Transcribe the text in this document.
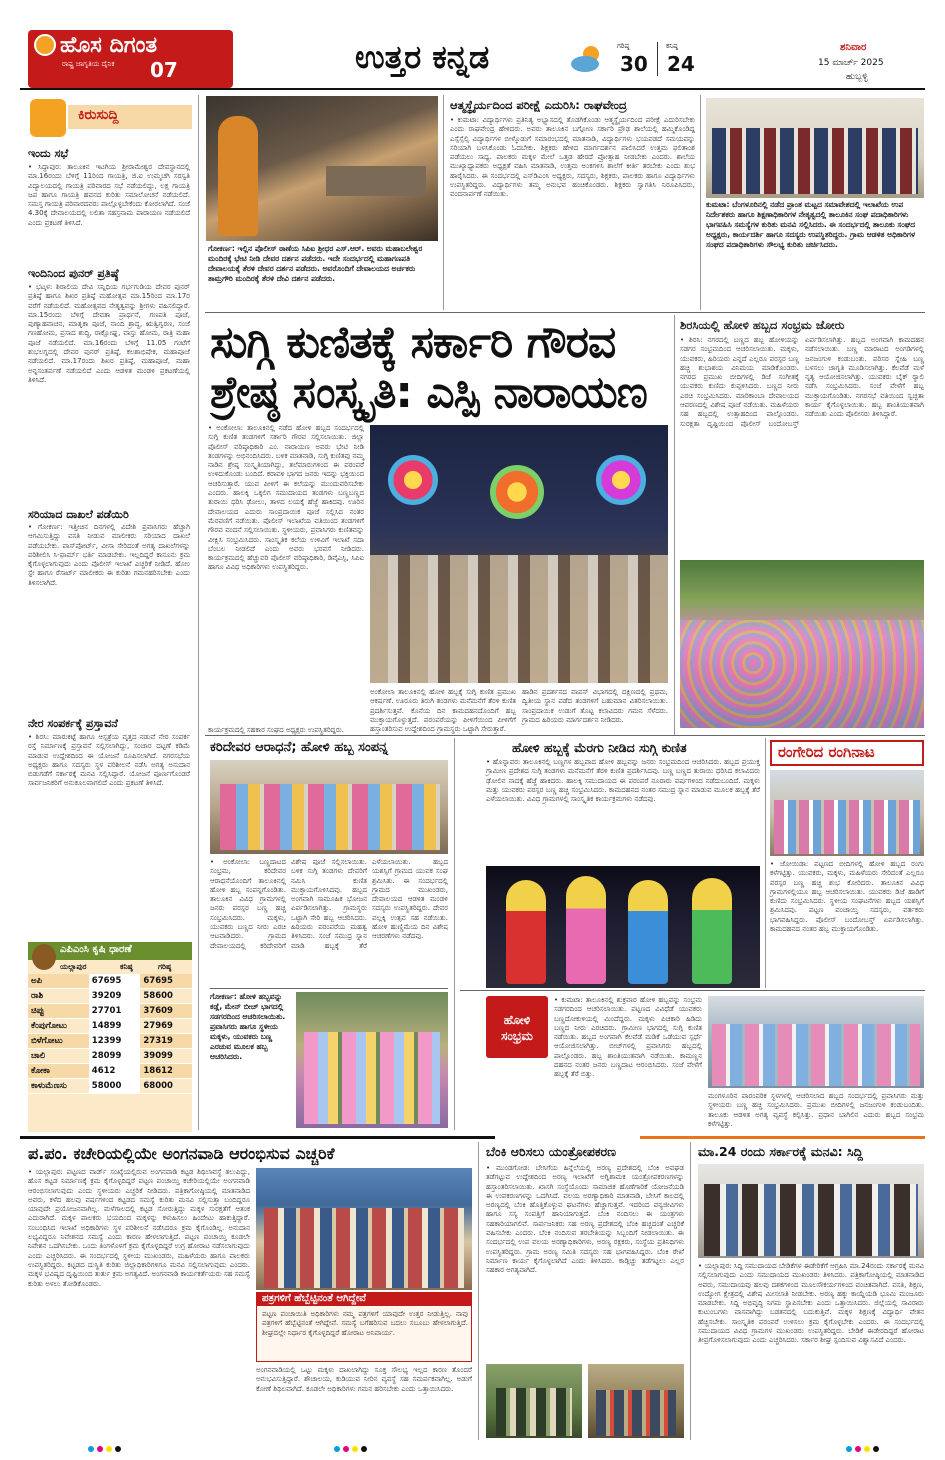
ಹೊಸ ದಿಗಂತ
ರಾಷ್ಟ್ರ ಜಾಗೃತಿಯ ದೈನಿಕ 07	ಉತ್ತರ ಕನ್ನಡ	ಗರಿಷ್ಠ
30
ಕನಿಷ್ಠ
24
ಶನಿವಾರ
15 ಮಾರ್ಚ್ 2025
ಹುಬ್ಬಳ್ಳಿ
ಕಿರುಸುದ್ದಿ
ಇಂದು ಸಭೆ
• ಸಿದ್ದಾಪುರ: ತಾಲೂಕಿನ ಇಟಗಿಯ ಶ್ರೀರಾಮೇಶ್ವರ ದೇವಸ್ಥಾನದಲ್ಲಿ ಮಾ.16ರಂದು ಬೆಳಿಗ್ಗೆ 11ರಿಂದ ಗಾಯತ್ರಿ, ಜಿ.ಐ ಉಮ್ಮಚಗಿ ಸರಸ್ವತಿ ವಿದ್ಯಾಲಯದಲ್ಲಿ ಗಾಯತ್ರಿ ಪರಿವಾರದ ಸಭೆ ನಡೆಯಲಿದ್ದು, ಲಕ್ಷ ಗಾಯತ್ರಿ ಜಪ ಹಾಗೂ ಗಾಯತ್ರಿ ಹವನದ ಕುರಿತು ಸಮಾಲೋಚನೆ ನಡೆಯಲಿದೆ. ಸಮಸ್ತ ಗಾಯತ್ರಿ ಪರಿವಾರದವರು ಪಾಲ್ಗೊಳ್ಳಬೇಕೆಂದು ಕೋರಲಾಗಿದೆ. ಸಂಜೆ 4.30ಕ್ಕೆ ದೇವಾಲಯದಲ್ಲಿ ಲಲಿತಾ ಸಹಸ್ರನಾಮ ಪಾರಾಯಣ ನಡೆಯಲಿದೆ ಎಂದು ಪ್ರಕಟಣೆ ತಿಳಿಸಿದೆ.
ಇಂದಿನಿಂದ ಪುನರ್ ಪ್ರತಿಷ್ಠೆ
• ಭಟ್ಕಳ: ಶಿರಾಲಿಯ ದೇವಿ ಸನ್ನಿಧಿಯ ಗರ್ಭಗುಡಿಯ ದೇವರ ಪುನರ್ ಪ್ರತಿಷ್ಠೆ ಹಾಗೂ ಶಿಖರ ಪ್ರತಿಷ್ಠೆ ಮಹೋತ್ಸವ ಮಾ.15ರಿಂದ ಮಾ.17ರ ವರೆಗೆ ನಡೆಯಲಿದೆ. ಮಹೋತ್ಸವದ ನೇತೃತ್ವವನ್ನು ಶ್ರೀಗಳು ವಹಿಸಲಿದ್ದಾರೆ. ಮಾ.15ರಂದು ಬೆಳಿಗ್ಗೆ ದೇವತಾ ಪ್ರಾರ್ಥನೆ, ಗಣಪತಿ ಪೂಜೆ, ಪುಣ್ಯಾಹವಾಚನ, ಮಾತೃಕಾ ಪೂಜೆ, ನಾಂದಿ ಶ್ರಾದ್ಧ, ಋತ್ವಿಗ್ವರಣ, ಸಂಜೆ ಗಣಹೋಮ, ಪ್ರಸಾದ ಶುದ್ಧಿ, ರಾಕ್ಷೋಘ್ನ, ವಾಸ್ತು ಹೋಮ, ರಾತ್ರಿ ಮಹಾ ಪೂಜೆ ನಡೆಯಲಿದೆ. ಮಾ.16ರಂದು ಬೆಳಿಗ್ಗೆ 11.05 ಗಂಟೆಗೆ ಶುಭಲಗ್ನದಲ್ಲಿ ದೇವರ ಪುನರ್ ಪ್ರತಿಷ್ಠೆ, ಕಲಶಾಭಿಷೇಕ, ಮಹಾಪೂಜೆ ನಡೆಯಲಿದೆ. ಮಾ.17ರಂದು ಶಿಖರ ಪ್ರತಿಷ್ಠೆ, ಮಹಾಪೂಜೆ, ಮಹಾ ಅನ್ನಸಂತರ್ಪಣೆ ನಡೆಯಲಿದೆ ಎಂದು ಆಡಳಿತ ಮಂಡಳಿ ಪ್ರಕಟಣೆಯಲ್ಲಿ ತಿಳಿಸಿದೆ.
ಸರಿಯಾದ ದಾಖಲೆ ಪಡೆಯಿರಿ
• ಗೋಕರ್ಣ: ಇತ್ತೀಚಿನ ದಿನಗಳಲ್ಲಿ ವಿದೇಶಿ ಪ್ರವಾಸಿಗರು ಹೆಚ್ಚಾಗಿ ಆಗಮಿಸುತ್ತಿದ್ದು ವಸತಿ ನೀಡುವ ಮಾಲೀಕರು ಸರಿಯಾದ ದಾಖಲೆ ಪಡೆಯಬೇಕು. ಪಾಸ್‌ಪೋರ್ಟ್, ವೀಸಾ ಸೇರಿದಂತೆ ಅಗತ್ಯ ದಾಖಲೆಗಳನ್ನು ಪರಿಶೀಲಿಸಿ ಸಿ-ಫಾರ್ಮ್ ಭರ್ತಿ ಮಾಡಬೇಕು. ಇಲ್ಲದಿದ್ದರೆ ಕಾನೂನು ಕ್ರಮ ಕೈಗೊಳ್ಳಲಾಗುವುದು ಎಂದು ಪೊಲೀಸ್ ಇಲಾಖೆ ಎಚ್ಚರಿಕೆ ನೀಡಿದೆ. ಹೋಂ ಸ್ಟೇ ಹಾಗೂ ರೆಸಾರ್ಟ್ ಮಾಲೀಕರು ಈ ಕುರಿತು ಗಮನಹರಿಸಬೇಕು ಎಂದು ತಿಳಿಸಲಾಗಿದೆ.
ನೇರ ಸಂಪರ್ಕಕ್ಕೆ ಪ್ರಸ್ತಾವನೆ
• ಶಿರಸಿ: ಮಾರುಕಟ್ಟೆ ಹಾಗೂ ಆಸ್ಪತ್ರೆಯ ವೃತ್ತದ ನಡುವೆ ನೇರ ಸಂಪರ್ಕ ರಸ್ತೆ ನಿರ್ಮಾಣಕ್ಕೆ ಪ್ರಸ್ತಾವನೆ ಸಲ್ಲಿಸಲಾಗಿದ್ದು, ಸಂಚಾರ ದಟ್ಟಣೆ ಕಡಿಮೆ ಮಾಡುವ ಉದ್ದೇಶದಿಂದ ಈ ಯೋಜನೆ ರೂಪಿಸಲಾಗಿದೆ. ನಗರಸಭೆಯ ಅಧ್ಯಕ್ಷರು ಹಾಗೂ ಸದಸ್ಯರು ಸ್ಥಳ ಪರಿಶೀಲನೆ ನಡೆಸಿ ಅಗತ್ಯ ಅನುದಾನ ಬಿಡುಗಡೆಗೆ ಸರ್ಕಾರಕ್ಕೆ ಮನವಿ ಸಲ್ಲಿಸಿದ್ದಾರೆ. ಯೋಜನೆ ಪೂರ್ಣಗೊಂಡರೆ ಸಾರ್ವಜನಿಕರಿಗೆ ಅನುಕೂಲವಾಗಲಿದೆ ಎಂದು ಪ್ರಕಟಣೆ ತಿಳಿಸಿದೆ.
ಎಪಿಎಂಸಿ ಕೃಷಿ ಧಾರಣೆ
ಯಲ್ಲಾಪುರ	ಕನಿಷ್ಠ	ಗರಿಷ್ಠ
ಅಪಿ	67695	67695
ರಾಶಿ	39209	58600
ಚಿಪ್ಪು	27701	37609
ಕೆಂಪುಗೋಟು	14899	27969
ಬಿಳೆಗೋಟು	12399	27319
ಚಾಲಿ	28099	39099
ಕೋಕಾ	4612	18612
ಕಾಳುಮೆಣಸು	58000	68000
ಗೋಕರ್ಣ: ಇಲ್ಲಿನ ಪೊಲೀಸ್ ಠಾಣೆಯ ಸಿಪಿಐ ಶ್ರೀಧರ ಎಸ್.ಆರ್. ಅವರು ಮಹಾಬಲೇಶ್ವರ ಮಂದಿರಕ್ಕೆ ಭೇಟಿ ನೀಡಿ ದೇವರ ದರ್ಶನ ಪಡೆದರು. ಇದೇ ಸಂದರ್ಭದಲ್ಲಿ ಮಹಾಗಣಪತಿ ದೇವಾಲಯಕ್ಕೆ ತೆರಳಿ ದೇವರ ದರ್ಶನ ಪಡೆದರು. ಅವರೊಂದಿಗೆ ದೇವಾಲಯದ ಅರ್ಚಕರು ತಾಮ್ರಗೌರಿ ಮಂದಿರಕ್ಕೆ ತೆರಳಿ ದೇವಿ ದರ್ಶನ ಪಡೆದರು.
ಆತ್ಮಸ್ಥೈರ್ಯದಿಂದ ಪರೀಕ್ಷೆ ಎದುರಿಸಿ: ರಾಘವೇಂದ್ರ
• ಕುಮಟಾ: ವಿದ್ಯಾರ್ಥಿಗಳು ಪ್ರತಿನಿತ್ಯ ಅಭ್ಯಾಸದಲ್ಲಿ ತೊಡಗಿಕೊಂಡು ಆತ್ಮಸ್ಥೈರ್ಯದಿಂದ ಪರೀಕ್ಷೆ ಎದುರಿಸಬೇಕು ಎಂದು ರಾಘವೇಂದ್ರ ಹೇಳಿದರು. ಅವರು ತಾಲೂಕಿನ ಬಗ್ಗೋಣ ಸರ್ಕಾರಿ ಪ್ರೌಢ ಶಾಲೆಯಲ್ಲಿ ಹಮ್ಮಿಕೊಂಡಿದ್ದ ಎಸ್ಸೆಸ್ಸೆಲ್ಸಿ ವಿದ್ಯಾರ್ಥಿಗಳ ಬೀಳ್ಕೊಡುಗೆ ಸಮಾರಂಭದಲ್ಲಿ ಮಾತನಾಡಿ, ವಿದ್ಯಾರ್ಥಿಗಳು ಭಯಪಡದೆ ಸಮಯವನ್ನು ಸರಿಯಾಗಿ ಬಳಸಿಕೊಂಡು ಓದಬೇಕು. ಶಿಕ್ಷಕರು ಹೇಳಿದ ಮಾರ್ಗದರ್ಶನ ಪಾಲಿಸಿದರೆ ಉತ್ತಮ ಫಲಿತಾಂಶ ಪಡೆಯಲು ಸಾಧ್ಯ. ಪಾಲಕರು ಮಕ್ಕಳ ಮೇಲೆ ಒತ್ತಡ ಹೇರದೆ ಪ್ರೋತ್ಸಾಹ ನೀಡಬೇಕು ಎಂದರು. ಶಾಲೆಯ ಮುಖ್ಯಾಧ್ಯಾಪಕರು ಅಧ್ಯಕ್ಷತೆ ವಹಿಸಿ ಮಾತನಾಡಿ, ಉತ್ತಮ ಅಂಕಗಳಿಸಿ ಶಾಲೆಗೆ ಕೀರ್ತಿ ತರಬೇಕು ಎಂದು ಶುಭ ಹಾರೈಸಿದರು. ಈ ಸಂದರ್ಭದಲ್ಲಿ ಎಸ್‌ಡಿಎಂಸಿ ಅಧ್ಯಕ್ಷರು, ಸದಸ್ಯರು, ಶಿಕ್ಷಕರು, ಪಾಲಕರು ಹಾಗೂ ವಿದ್ಯಾರ್ಥಿಗಳು ಉಪಸ್ಥಿತರಿದ್ದರು. ವಿದ್ಯಾರ್ಥಿಗಳು ತಮ್ಮ ಅನುಭವ ಹಂಚಿಕೊಂಡರು. ಶಿಕ್ಷಕರು ಸ್ವಾಗತಿಸಿ ನಿರೂಪಿಸಿದರು, ವಂದನಾರ್ಪಣೆ ನಡೆಯಿತು.
ಕುಮಟಾ: ಬೆಂಗಳೂರಿನಲ್ಲಿ ನಡೆದ ಪ್ರಾಂತ ಮಟ್ಟದ ಸಮಾವೇಶದಲ್ಲಿ ಇಲಾಖೆಯ ಉಪ ನಿರ್ದೇಶಕರು ಹಾಗೂ ಶಿಕ್ಷಣಾಧಿಕಾರಿಗಳ ನೇತೃತ್ವದಲ್ಲಿ ತಾಲೂಕಿನ ಸಂಘ ಪದಾಧಿಕಾರಿಗಳು ಭಾಗವಹಿಸಿ ಸಮಸ್ಯೆಗಳ ಕುರಿತು ಮನವಿ ಸಲ್ಲಿಸಿದರು. ಈ ಸಂದರ್ಭದಲ್ಲಿ ತಾಲೂಕು ಸಂಘದ ಅಧ್ಯಕ್ಷರು, ಕಾರ್ಯದರ್ಶಿ ಹಾಗೂ ಸದಸ್ಯರು ಉಪಸ್ಥಿತರಿದ್ದರು. ಗ್ರಾಮ ಆಡಳಿತ ಅಧಿಕಾರಿಗಳ ಸಂಘದ ಪದಾಧಿಕಾರಿಗಳು ಸೌಲಭ್ಯ ಕುರಿತು ಚರ್ಚಿಸಿದರು.
ಸುಗ್ಗಿ ಕುಣಿತಕ್ಕೆ ಸರ್ಕಾರಿ ಗೌರವ
ಶ್ರೇಷ್ಠ ಸಂಸ್ಕೃತಿ: ಎಸ್ಪಿ ನಾರಾಯಣ
• ಅಂಕೋಲಾ: ತಾಲೂಕಿನಲ್ಲಿ ನಡೆದ ಹೋಳಿ ಹಬ್ಬದ ಸಂದರ್ಭದಲ್ಲಿ ಸುಗ್ಗಿ ಕುಣಿತ ತಂಡಗಳಿಗೆ ಸರ್ಕಾರಿ ಗೌರವ ಸಲ್ಲಿಸಲಾಯಿತು. ಜಿಲ್ಲಾ ಪೊಲೀಸ್ ವರಿಷ್ಠಾಧಿಕಾರಿ ಎಂ. ನಾರಾಯಣ ಅವರು ಭೇಟಿ ನೀಡಿ ತಂಡಗಳನ್ನು ಅಭಿನಂದಿಸಿದರು. ಬಳಿಕ ಮಾತನಾಡಿ, ಸುಗ್ಗಿ ಕುಣಿತವು ನಮ್ಮ ನಾಡಿನ ಶ್ರೇಷ್ಠ ಸಂಸ್ಕೃತಿಯಾಗಿದ್ದು, ತಲೆಮಾರುಗಳಿಂದ ಈ ಪರಂಪರೆ ಉಳಿದುಕೊಂಡು ಬಂದಿದೆ. ಕರಾವಳಿ ಭಾಗದ ಜನರು ಇದನ್ನು ಭಕ್ತಿಯಿಂದ ಆಚರಿಸುತ್ತಾರೆ. ಯುವ ಪೀಳಿಗೆ ಈ ಕಲೆಯನ್ನು ಮುಂದುವರಿಸಬೇಕು ಎಂದರು. ಹಾಲಕ್ಕಿ ಒಕ್ಕಲಿಗ ಸಮುದಾಯದ ತಂಡಗಳು ಬಣ್ಣಬಣ್ಣದ ತುರಾಯಿ ಧರಿಸಿ ಢೋಲು, ತಾಳದ ಲಯಕ್ಕೆ ಹೆಜ್ಜೆ ಹಾಕಿದವು. ಊರಿನ ದೇವಾಲಯದ ಎದುರು ಸಾಂಪ್ರದಾಯಿಕ ಪೂಜೆ ಸಲ್ಲಿಸಿದ ನಂತರ ಮೆರವಣಿಗೆ ನಡೆಯಿತು. ಪೊಲೀಸ್ ಇಲಾಖೆಯ ವತಿಯಿಂದ ತಂಡಗಳಿಗೆ ಗೌರವ ವಂದನೆ ಸಲ್ಲಿಸಲಾಯಿತು. ಸ್ಥಳೀಯರು, ಪ್ರವಾಸಿಗರು ಕುಣಿತವನ್ನು ವೀಕ್ಷಿಸಿ ಸಂಭ್ರಮಿಸಿದರು. ಸಾಂಸ್ಕೃತಿಕ ಕಲೆಯ ಉಳಿವಿಗೆ ಇಲಾಖೆ ಸದಾ ಬೆಂಬಲ ನೀಡಲಿದೆ ಎಂದು ಅವರು ಭರವಸೆ ನೀಡಿದರು. ಕಾರ್ಯಕ್ರಮದಲ್ಲಿ ಹೆಚ್ಚುವರಿ ಪೊಲೀಸ್ ವರಿಷ್ಠಾಧಿಕಾರಿ, ಡಿವೈಎಸ್ಪಿ, ಸಿಪಿಐ ಹಾಗೂ ವಿವಿಧ ಅಧಿಕಾರಿಗಳು ಉಪಸ್ಥಿತರಿದ್ದರು.
ಅಂಕೋಲಾ ತಾಲೂಕಿನಲ್ಲಿ ಹೋಳಿ ಹಬ್ಬಕ್ಕೆ ಸುಗ್ಗಿ ಕುಣಿತ ಪ್ರಮುಖ ಆಕರ್ಷಣೆ. ಊರೂರು ತಿರುಗಿ ತಂಡಗಳು ಮನೆಮನೆಗೆ ತೆರಳಿ ಕುಣಿತ ಪ್ರದರ್ಶಿಸುತ್ತವೆ. ಕೊನೆಯ ದಿನ ಕಾಮದಹನದೊಂದಿಗೆ ಹಬ್ಬ ಮುಕ್ತಾಯಗೊಳ್ಳುತ್ತದೆ. ಪರಂಪರೆಯನ್ನು ಪೀಳಿಗೆಯಿಂದ ಪೀಳಿಗೆಗೆ ಹಸ್ತಾಂತರಿಸುವ ಉದ್ದೇಶದಿಂದ ಗ್ರಾಮಸ್ಥರು ಒಟ್ಟಾಗಿ ಸೇರುತ್ತಾರೆ.
ಹಾಡಿನ ಪ್ರದರ್ಶನದ ವಾಪಸ್ ವಿಭಾಗದಲ್ಲಿ ದಕ್ಷಿಣದಲ್ಲಿ ಪ್ರಥಮ, ದ್ವಿತೀಯ ಸ್ಥಾನ ಪಡೆದ ತಂಡಗಳಿಗೆ ಬಹುಮಾನ ವಿತರಿಸಲಾಯಿತು. ಸಾಂಪ್ರದಾಯಿಕ ಉಡುಗೆ ತೊಟ್ಟ ಕಲಾವಿದರು ಗಮನ ಸೆಳೆದರು. ಗ್ರಾಮದ ಹಿರಿಯರು ಮಾರ್ಗದರ್ಶನ ನೀಡಿದರು.
ಕಾರ್ಯಕ್ರಮದಲ್ಲಿ ಸಹಕಾರ ಸಂಘದ ಅಧ್ಯಕ್ಷರು ಉಪಸ್ಥಿತರಿದ್ದರು.
ಶಿರಸಿಯಲ್ಲಿ ಹೋಳಿ ಹಬ್ಬದ ಸಂಭ್ರಮ ಜೋರು
• ಶಿರಸಿ: ನಗರದಲ್ಲಿ ಬಣ್ಣದ ಹಬ್ಬ ಹೋಳಿಯನ್ನು ಸಡಗರ ಸಂಭ್ರಮದಿಂದ ಆಚರಿಸಲಾಯಿತು. ಮಕ್ಕಳು, ಯುವಕರು, ಹಿರಿಯರು ಎನ್ನದೆ ಎಲ್ಲರೂ ಪರಸ್ಪರ ಬಣ್ಣ ಹಚ್ಚಿ ಶುಭಾಶಯ ವಿನಿಮಯ ಮಾಡಿಕೊಂಡರು. ನಗರದ ಪ್ರಮುಖ ಬೀದಿಗಳಲ್ಲಿ ಡಿಜೆ ಸಂಗೀತಕ್ಕೆ ಯುವಕರು ಕುಣಿದು ಕುಪ್ಪಳಿಸಿದರು. ಬಣ್ಣದ ನೀರು ಎರಚಿ ಸಂಭ್ರಮಿಸಿದರು. ಮಾರಿಕಾಂಬಾ ದೇವಾಲಯದ ಆವರಣದಲ್ಲಿ ವಿಶೇಷ ಪೂಜೆ ನಡೆಯಿತು. ಮಹಿಳೆಯರು ಸಹ ಹಬ್ಬದಲ್ಲಿ ಉತ್ಸಾಹದಿಂದ ಪಾಲ್ಗೊಂಡರು. ಸುರಕ್ಷತಾ ದೃಷ್ಟಿಯಿಂದ ಪೊಲೀಸ್ ಬಂದೋಬಸ್ತ್ ಏರ್ಪಡಿಸಲಾಗಿತ್ತು. ಹಬ್ಬದ ಅಂಗವಾಗಿ ಕಾಮದಹನ ನಡೆಸಲಾಯಿತು. ಬಣ್ಣ ಮಾರಾಟದ ಅಂಗಡಿಗಳಲ್ಲಿ ಜನಜಂಗುಳಿ ಕಂಡುಬಂತು. ಪರಿಸರ ಸ್ನೇಹಿ ಬಣ್ಣ ಬಳಸಲು ಜಾಗೃತಿ ಮೂಡಿಸಲಾಗಿತ್ತು. ಕೆಲವೆಡೆ ಮಳೆ ನೃತ್ಯ ಆಯೋಜಿಸಲಾಗಿತ್ತು. ಯುವಕರು ಬೈಕ್ ರ್‍ಯಾಲಿ ನಡೆಸಿ ಸಂಭ್ರಮಿಸಿದರು. ಸಂಜೆ ವೇಳೆಗೆ ಹಬ್ಬ ಮುಕ್ತಾಯಗೊಂಡಿತು. ನಗರಸಭೆ ವತಿಯಿಂದ ಸ್ವಚ್ಛತಾ ಕಾರ್ಯ ಕೈಗೊಳ್ಳಲಾಯಿತು. ಹಬ್ಬ ಶಾಂತಿಯುತವಾಗಿ ನಡೆಯಿತು ಎಂದು ಪೊಲೀಸರು ತಿಳಿಸಿದ್ದಾರೆ.
ಕರಿದೇವರ ಆರಾಧನೆ; ಹೋಳಿ ಹಬ್ಬ ಸಂಪನ್ನ
• ಅಂಕೋಲಾ: ಬಣ್ಣದಾಟದ ಸಂಭ್ರಮ, ಕರಿದೇವರ ಆರಾಧನೆಯೊಂದಿಗೆ ತಾಲೂಕಿನಲ್ಲಿ ಹೋಳಿ ಹಬ್ಬ ಸಂಪನ್ನಗೊಂಡಿತು. ತಾಲೂಕಿನ ವಿವಿಧ ಗ್ರಾಮಗಳಲ್ಲಿ ಜನರು ಪರಸ್ಪರ ಬಣ್ಣ ಹಚ್ಚಿ ಸಂಭ್ರಮಿಸಿದರು. ಮಕ್ಕಳು, ಯುವಕರು ಬಣ್ಣದ ನೀರು ಎರಚಿ ಆಟವಾಡಿದರು. ಗ್ರಾಮದ ದೇವಾಲಯದಲ್ಲಿ ಕರಿದೇವರಿಗೆ ವಿಶೇಷ ಪೂಜೆ ಸಲ್ಲಿಸಲಾಯಿತು. ಬಳಿಕ ಸುಗ್ಗಿ ತಂಡಗಳು ದೇವರಿಗೆ ನಮಿಸಿ ಕುಣಿತ ಮುಕ್ತಾಯಗೊಳಿಸಿದವು. ಹಬ್ಬದ ಅಂಗವಾಗಿ ಸಾಮೂಹಿಕ ಭೋಜನ ಏರ್ಪಡಿಸಲಾಗಿತ್ತು. ಗ್ರಾಮಸ್ಥರು ಒಟ್ಟಾಗಿ ಸೇರಿ ಹಬ್ಬ ಆಚರಿಸಿದರು. ಹಿರಿಯರು ಪರಂಪರೆಯ ಮಹತ್ವ ತಿಳಿಸಿದರು. ಸಂಜೆ ಸಮುದ್ರ ಸ್ನಾನ ಮಾಡಿ ಹಬ್ಬಕ್ಕೆ ತೆರೆ ಎಳೆಯಲಾಯಿತು. ಹಬ್ಬದ ಯಶಸ್ಸಿಗೆ ಗ್ರಾಮದ ಯುವಕ ಸಂಘ ಶ್ರಮಿಸಿತು. ಈ ಸಂದರ್ಭದಲ್ಲಿ ಗ್ರಾಮದ ಮುಖಂಡರು, ದೇವಾಲಯದ ಆಡಳಿತ ಮಂಡಳಿ ಸದಸ್ಯರು ಉಪಸ್ಥಿತರಿದ್ದರು. ದೇವರ ಪಲ್ಲಕ್ಕಿ ಉತ್ಸವ ಸಹ ನಡೆಯಿತು. ಹೋಳಿ ಹುಣ್ಣಿಮೆಯ ದಿನ ವಿಶೇಷ ಆಚರಣೆಗಳು ನಡೆದವು.
ಗೋಕರ್ಣ: ಹೋಳಿ ಹಬ್ಬವನ್ನು ಕಡ್ಲೆ, ಮೇನ್ ಬೀಚ್ ಭಾಗದಲ್ಲಿ ಸಡಗರದಿಂದ ಆಚರಿಸಲಾಯಿತು. ಪ್ರವಾಸಿಗರು ಹಾಗೂ ಸ್ಥಳೀಯ ಮಕ್ಕಳು, ಯುವಕರು ಬಣ್ಣ ಎರಚುವ ಮೂಲಕ ಹಬ್ಬ ಆಚರಿಸಿದರು.
ಹೋಳಿ ಹಬ್ಬಕ್ಕೆ ಮೆರಗು ನೀಡಿದ ಸುಗ್ಗಿ ಕುಣಿತ
• ಹೊನ್ನಾವರ: ತಾಲೂಕಿನಲ್ಲಿ ಬಣ್ಣಗಳ ಹಬ್ಬವಾದ ಹೋಳಿ ಹಬ್ಬವನ್ನು ಜನರು ಸಂಭ್ರಮದಿಂದ ಆಚರಿಸಿದರು. ಹಬ್ಬದ ಪ್ರಯುಕ್ತ ಗ್ರಾಮೀಣ ಪ್ರದೇಶದ ಸುಗ್ಗಿ ತಂಡಗಳು ಮನೆಮನೆಗೆ ತೆರಳಿ ಕುಣಿತ ಪ್ರದರ್ಶಿಸಿದವು. ಬಣ್ಣ ಬಣ್ಣದ ತುರಾಯಿ ಧರಿಸಿದ ಕಲಾವಿದರು ಢೋಲಿನ ನಾದಕ್ಕೆ ಹೆಜ್ಜೆ ಹಾಕಿದರು. ಹಾಲಕ್ಕಿ ಸಮುದಾಯದ ಈ ಪರಂಪರೆ ನೂರಾರು ವರ್ಷಗಳಿಂದ ನಡೆದುಬಂದಿದೆ. ಮಕ್ಕಳು ಮತ್ತು ಯುವಕರು ಪರಸ್ಪರ ಬಣ್ಣ ಹಚ್ಚಿ ಸಂಭ್ರಮಿಸಿದರು. ಕಾಮದಹನದ ನಂತರ ಸಮುದ್ರ ಸ್ನಾನ ಮಾಡುವ ಮೂಲಕ ಹಬ್ಬಕ್ಕೆ ತೆರೆ ಎಳೆಯಲಾಯಿತು. ವಿವಿಧ ಗ್ರಾಮಗಳಲ್ಲಿ ಸಾಂಸ್ಕೃತಿಕ ಕಾರ್ಯಕ್ರಮಗಳು ನಡೆದವು.
ರಂಗೇರಿದ ರಂಗಿನಾಟ
• ಜೋಯಿಡಾ: ಪಟ್ಟಣದ ಬೀದಿಗಳಲ್ಲಿ ಹೋಳಿ ಹಬ್ಬದ ರಂಗು ಕಳೆಗಟ್ಟಿತ್ತು. ಯುವಕರು, ಮಕ್ಕಳು, ಮಹಿಳೆಯರು ಸೇರಿದಂತೆ ಎಲ್ಲರೂ ಪರಸ್ಪರ ಬಣ್ಣ ಹಚ್ಚಿ ಶುಭ ಕೋರಿದರು. ತಾಲೂಕಿನ ವಿವಿಧ ಗ್ರಾಮಗಳಲ್ಲಿಯೂ ಹಬ್ಬ ಆಚರಿಸಲಾಯಿತು. ಯುವಕರು ಡಿಜೆ ಹಾಡಿಗೆ ಕುಣಿದು ಸಂಭ್ರಮಿಸಿದರು. ಸ್ಥಳೀಯ ಸಂಘಟನೆಗಳು ಹಬ್ಬದ ಯಶಸ್ಸಿಗೆ ಶ್ರಮಿಸಿದವು. ಪಟ್ಟಣ ಪಂಚಾಯ್ತಿ ಸದಸ್ಯರು, ವರ್ತಕರು ಭಾಗವಹಿಸಿದ್ದರು. ಪೊಲೀಸ್ ಬಂದೋಬಸ್ತ್ ಏರ್ಪಡಿಸಲಾಗಿತ್ತು. ಕಾಮದಹನದ ನಂತರ ಹಬ್ಬ ಮುಕ್ತಾಯಗೊಂಡಿತು.
ಹೋಳಿ ಸಂಭ್ರಮ
• ಕುಮಟಾ: ತಾಲೂಕಿನಲ್ಲಿ ಶುಕ್ರವಾರ ಹೋಳಿ ಹಬ್ಬವನ್ನು ಸಂಭ್ರಮ ಸಡಗರದಿಂದ ಆಚರಿಸಲಾಯಿತು. ಪಟ್ಟಣದ ವಿವಿಧೆಡೆ ಯುವಕರು ಬಣ್ಣದೋಕುಳಿಯಲ್ಲಿ ಮಿಂದೆದ್ದರು. ಮಕ್ಕಳು ಪಿಚಕಾರಿ ಹಿಡಿದು ಬಣ್ಣದ ನೀರು ಎರಚಿದರು. ಗ್ರಾಮೀಣ ಭಾಗದಲ್ಲಿ ಸುಗ್ಗಿ ಕುಣಿತ ನಡೆಯಿತು. ಹಬ್ಬದ ಅಂಗವಾಗಿ ಕೆಲವೆಡೆ ಮಡಿಕೆ ಒಡೆಯುವ ಸ್ಪರ್ಧೆ ಆಯೋಜಿಸಲಾಗಿತ್ತು. ಬೀಚ್‌ಗಳಲ್ಲಿ ಪ್ರವಾಸಿಗರು ಹಬ್ಬದಲ್ಲಿ ಪಾಲ್ಗೊಂಡರು. ಹಬ್ಬ ಶಾಂತಿಯುತವಾಗಿ ನಡೆಯಿತು. ಕಾಮಣ್ಣನ ದಹನದ ನಂತರ ಜನರು ಬಣ್ಣದಾಟ ಆರಂಭಿಸಿದರು. ಸಂಜೆ ವೇಳೆಗೆ ಹಬ್ಬಕ್ಕೆ ತೆರೆ ಬಿತ್ತು.
ಮಂಗಳೂರಿನ ಪಾರಂಪರಿಕ ಸ್ಥಳಗಳಲ್ಲಿ ಆಚರಿಸಲಾದ ಹಬ್ಬದ ಸಂದರ್ಭದಲ್ಲಿ ಪ್ರವಾಸಿಗರು ಮತ್ತು ಸ್ಥಳೀಯರು ಬಣ್ಣ ಹಚ್ಚಿ ಸಂಭ್ರಮಿಸಿದರು. ಪ್ರಮುಖ ಬೀದಿಗಳಲ್ಲಿ ಜನಜಂಗುಳಿ ಕಂಡುಬಂದಿತು. ತಾಲೂಕು ಆಡಳಿತ ಅಗತ್ಯ ವ್ಯವಸ್ಥೆ ಕಲ್ಪಿಸಿತ್ತು. ಪ್ರಧಾನ ಬಾಗಿಲಿನ ಎದುರು ಹಬ್ಬದ ಸಂಭ್ರಮ ಕಳೆಗಟ್ಟಿತ್ತು.
ಪ.ಪಂ. ಕಚೇರಿಯಲ್ಲಿಯೇ ಅಂಗನವಾಡಿ ಆರಂಭಿಸುವ ಎಚ್ಚರಿಕೆ
• ಯಲ್ಲಾಪುರ: ಪಟ್ಟಣದ ವಾರ್ಡ್ ಸಂಖ್ಯೆಯಲ್ಲಿರುವ ಅಂಗನವಾಡಿ ಕಟ್ಟಡ ಶಿಥಿಲಾವಸ್ಥೆ ತಲುಪಿದ್ದು, ಹೊಸ ಕಟ್ಟಡ ನಿರ್ಮಾಣಕ್ಕೆ ಕ್ರಮ ಕೈಗೊಳ್ಳದಿದ್ದರೆ ಪಟ್ಟಣ ಪಂಚಾಯ್ತಿ ಕಚೇರಿಯಲ್ಲಿಯೇ ಅಂಗನವಾಡಿ ಆರಂಭಿಸಲಾಗುವುದು ಎಂದು ಸ್ಥಳೀಯರು ಎಚ್ಚರಿಕೆ ನೀಡಿದರು. ಪತ್ರಿಕಾಗೋಷ್ಠಿಯಲ್ಲಿ ಮಾತನಾಡಿದ ಅವರು, ಕಳೆದ ಹಲವು ವರ್ಷಗಳಿಂದ ಕಟ್ಟಡದ ಸಮಸ್ಯೆ ಕುರಿತು ಮನವಿ ಸಲ್ಲಿಸುತ್ತಾ ಬಂದಿದ್ದರೂ ಯಾವುದೇ ಪ್ರಯೋಜನವಾಗಿಲ್ಲ. ಮಳೆಗಾಲದಲ್ಲಿ ಕಟ್ಟಡ ಸೋರುತ್ತಿದ್ದು ಮಕ್ಕಳ ಸುರಕ್ಷತೆಗೆ ಆತಂಕ ಎದುರಾಗಿದೆ. ಮಕ್ಕಳ ಪಾಲಕರು ಭಯದಿಂದ ಮಕ್ಕಳನ್ನು ಕಳುಹಿಸಲು ಹಿಂದೇಟು ಹಾಕುತ್ತಿದ್ದಾರೆ. ಸಂಬಂಧಿಸಿದ ಇಲಾಖೆ ಅಧಿಕಾರಿಗಳು ಸ್ಥಳ ಪರಿಶೀಲನೆ ನಡೆಸಿದರೂ ಕ್ರಮ ಕೈಗೊಂಡಿಲ್ಲ. ಅನುದಾನ ಲಭ್ಯವಿದ್ದರೂ ನಿವೇಶನದ ಸಮಸ್ಯೆ ಎಂದು ಕಾರಣ ಹೇಳಲಾಗುತ್ತಿದೆ. ಪಟ್ಟಣ ಪಂಚಾಯ್ತಿ ಕೂಡಲೇ ನಿವೇಶನ ಒದಗಿಸಬೇಕು. ಒಂದು ತಿಂಗಳೊಳಗೆ ಕ್ರಮ ಕೈಗೊಳ್ಳದಿದ್ದರೆ ಉಗ್ರ ಹೋರಾಟ ನಡೆಸಲಾಗುವುದು ಎಂದು ಎಚ್ಚರಿಸಿದರು. ಈ ಸಂದರ್ಭದಲ್ಲಿ ಸ್ಥಳೀಯ ಮುಖಂಡರು, ಮಹಿಳೆಯರು ಹಾಗೂ ಪಾಲಕರು ಉಪಸ್ಥಿತರಿದ್ದರು. ಕಟ್ಟಡದ ದುಸ್ಥಿತಿ ಕುರಿತು ಜಿಲ್ಲಾಧಿಕಾರಿಗಳಿಗೂ ಮನವಿ ಸಲ್ಲಿಸಲಾಗುವುದು ಎಂದರು. ಮಕ್ಕಳ ಭವಿಷ್ಯದ ದೃಷ್ಟಿಯಿಂದ ತುರ್ತು ಕ್ರಮ ಅಗತ್ಯವಿದೆ. ಅಂಗನವಾಡಿ ಕಾರ್ಯಕರ್ತೆಯರು ಸಹ ಸಮಸ್ಯೆ ಕುರಿತು ಅಳಲು ತೋಡಿಕೊಂಡರು.
ಪತ್ರಗಳಿಗೆ ಹೆಬ್ಬೆಟ್ಟಿನಂತೆ ಆಗಿದ್ದೇವೆ
ಪಟ್ಟಣ ಪಂಚಾಯಿತಿ ಅಧಿಕಾರಿಗಳು ನಮ್ಮ ಪತ್ರಗಳಿಗೆ ಯಾವುದೇ ಉತ್ತರ ನೀಡುತ್ತಿಲ್ಲ. ನಾವು ಪತ್ರಗಳಿಗೆ ಹೆಬ್ಬೆಟ್ಟಿನಂತೆ ಆಗಿದ್ದೇವೆ. ಸಮಸ್ಯೆ ಬಗೆಹರಿಸುವ ಬದಲು ಸಬೂಬು ಹೇಳಲಾಗುತ್ತಿದೆ. ಶೀಘ್ರದಲ್ಲೇ ನಿರ್ಧಾರ ಕೈಗೊಳ್ಳದಿದ್ದರೆ ಹೋರಾಟ ಅನಿವಾರ್ಯ.
ಅಂಗನವಾಡಿಯಲ್ಲಿ ಒಟ್ಟು ಮಕ್ಕಳು ದಾಖಲಾಗಿದ್ದು ಸೂಕ್ತ ಸೌಲಭ್ಯ ಇಲ್ಲದ ಕಾರಣ ತೊಂದರೆ ಅನುಭವಿಸುತ್ತಿದ್ದಾರೆ. ಶೌಚಾಲಯ, ಕುಡಿಯುವ ನೀರಿನ ವ್ಯವಸ್ಥೆ ಸಹ ಸಮರ್ಪಕವಾಗಿಲ್ಲ. ಅಡುಗೆ ಕೋಣೆ ಶಿಥಿಲವಾಗಿದೆ. ಕೂಡಲೇ ಅಧಿಕಾರಿಗಳು ಗಮನ ಹರಿಸಬೇಕು ಎಂದು ಒತ್ತಾಯಿಸಿದರು.
ಬೆಂಕಿ ಆರಿಸಲು ಯಂತ್ರೋಪಕರಣ
• ಮುಂಡಗೋಡ: ಬೇಸಿಗೆಯ ಹಿನ್ನೆಲೆಯಲ್ಲಿ ಅರಣ್ಯ ಪ್ರದೇಶದಲ್ಲಿ ಬೆಂಕಿ ಅವಘಡ ತಡೆಗಟ್ಟುವ ಉದ್ದೇಶದಿಂದ ಅರಣ್ಯ ಇಲಾಖೆಗೆ ಅಗ್ನಿಶಾಮಕ ಯಂತ್ರೋಪಕರಣಗಳನ್ನು ಹಸ್ತಾಂತರಿಸಲಾಯಿತು. ಖಾಸಗಿ ಸಂಸ್ಥೆಯೊಂದು ಸಾಮಾಜಿಕ ಹೊಣೆಗಾರಿಕೆ ಯೋಜನೆಯಡಿ ಈ ಉಪಕರಣಗಳನ್ನು ಒದಗಿಸಿದೆ. ವಲಯ ಅರಣ್ಯಾಧಿಕಾರಿ ಮಾತನಾಡಿ, ಬೇಸಿಗೆ ಕಾಲದಲ್ಲಿ ಅರಣ್ಯದಲ್ಲಿ ಬೆಂಕಿ ಹೊತ್ತಿಕೊಳ್ಳುವ ಘಟನೆಗಳು ಹೆಚ್ಚಾಗುತ್ತವೆ. ಇದರಿಂದ ವನ್ಯಜೀವಿಗಳು ಹಾಗೂ ಸಸ್ಯ ಸಂಪತ್ತಿಗೆ ಹಾನಿಯಾಗುತ್ತದೆ. ಬೆಂಕಿ ನಂದಿಸಲು ಈ ಯಂತ್ರಗಳು ಸಹಕಾರಿಯಾಗಲಿವೆ. ಸಾರ್ವಜನಿಕರು ಸಹ ಅರಣ್ಯ ಪ್ರದೇಶದಲ್ಲಿ ಬೆಂಕಿ ಹಚ್ಚದಂತೆ ಎಚ್ಚರಿಕೆ ವಹಿಸಬೇಕು ಎಂದರು. ಬೆಂಕಿ ನಂದಿಸುವ ತರಬೇತಿಯನ್ನು ಸಿಬ್ಬಂದಿಗೆ ನೀಡಲಾಯಿತು. ಈ ಸಂದರ್ಭದಲ್ಲಿ ಉಪ ವಲಯ ಅರಣ್ಯಾಧಿಕಾರಿಗಳು, ಅರಣ್ಯ ರಕ್ಷಕರು, ಸಂಸ್ಥೆಯ ಪ್ರತಿನಿಧಿಗಳು ಉಪಸ್ಥಿತರಿದ್ದರು. ಗ್ರಾಮ ಅರಣ್ಯ ಸಮಿತಿ ಸದಸ್ಯರು ಸಹ ಭಾಗವಹಿಸಿದ್ದರು. ಬೆಂಕಿ ರೇಖೆ ನಿರ್ಮಾಣ ಕಾರ್ಯ ಕೈಗೊಳ್ಳಲಾಗಿದೆ ಎಂದು ತಿಳಿಸಿದರು. ಕಾಡ್ಗಿಚ್ಚು ತಡೆಗಟ್ಟಲು ಎಲ್ಲರ ಸಹಕಾರ ಅಗತ್ಯವಾಗಿದೆ.
ಮಾ.24 ರಂದು ಸರ್ಕಾರಕ್ಕೆ ಮನವಿ: ಸಿದ್ದಿ
• ಯಲ್ಲಾಪುರ: ಸಿದ್ದಿ ಸಮುದಾಯದ ಬೇಡಿಕೆಗಳ ಈಡೇರಿಕೆಗೆ ಆಗ್ರಹಿಸಿ ಮಾ.24ರಂದು ಸರ್ಕಾರಕ್ಕೆ ಮನವಿ ಸಲ್ಲಿಸಲಾಗುವುದು ಎಂದು ಸಮುದಾಯದ ಮುಖಂಡರು ತಿಳಿಸಿದರು. ಪತ್ರಿಕಾಗೋಷ್ಠಿಯಲ್ಲಿ ಮಾತನಾಡಿದ ಅವರು, ಸಮುದಾಯವು ಹಲವು ದಶಕಗಳಿಂದ ಮೂಲಸೌಕರ್ಯಗಳಿಂದ ವಂಚಿತವಾಗಿದೆ. ವಸತಿ, ಶಿಕ್ಷಣ, ಉದ್ಯೋಗ ಕ್ಷೇತ್ರದಲ್ಲಿ ವಿಶೇಷ ಮೀಸಲಾತಿ ನೀಡಬೇಕು. ಅರಣ್ಯ ಹಕ್ಕು ಕಾಯ್ದೆಯಡಿ ಭೂಮಿ ಮಂಜೂರು ಮಾಡಬೇಕು. ಸಿದ್ದಿ ಅಭಿವೃದ್ಧಿ ನಿಗಮ ಸ್ಥಾಪಿಸಬೇಕು ಎಂದು ಒತ್ತಾಯಿಸಿದರು. ಜಿಲ್ಲೆಯಲ್ಲಿ ಸಾವಿರಾರು ಕುಟುಂಬಗಳು ವಾಸವಾಗಿದ್ದು ಬಡತನದಲ್ಲಿ ಬದುಕುತ್ತಿವೆ. ಮಕ್ಕಳ ಶಿಕ್ಷಣಕ್ಕೆ ವಿದ್ಯಾರ್ಥಿ ವೇತನ ಹೆಚ್ಚಿಸಬೇಕು. ಸಾಂಸ್ಕೃತಿಕ ಪರಂಪರೆ ಉಳಿಸಲು ಕ್ರಮ ಕೈಗೊಳ್ಳಬೇಕು ಎಂದರು. ಈ ಸಂದರ್ಭದಲ್ಲಿ ಸಮುದಾಯದ ವಿವಿಧ ಗ್ರಾಮಗಳ ಮುಖಂಡರು ಉಪಸ್ಥಿತರಿದ್ದರು. ಬೇಡಿಕೆ ಈಡೇರದಿದ್ದರೆ ಹೋರಾಟ ತೀವ್ರಗೊಳಿಸಲಾಗುವುದು ಎಂದು ಎಚ್ಚರಿಸಿದರು. ಸರ್ಕಾರ ಶೀಘ್ರ ಸ್ಪಂದಿಸುವ ವಿಶ್ವಾಸವಿದೆ ಎಂದರು.
